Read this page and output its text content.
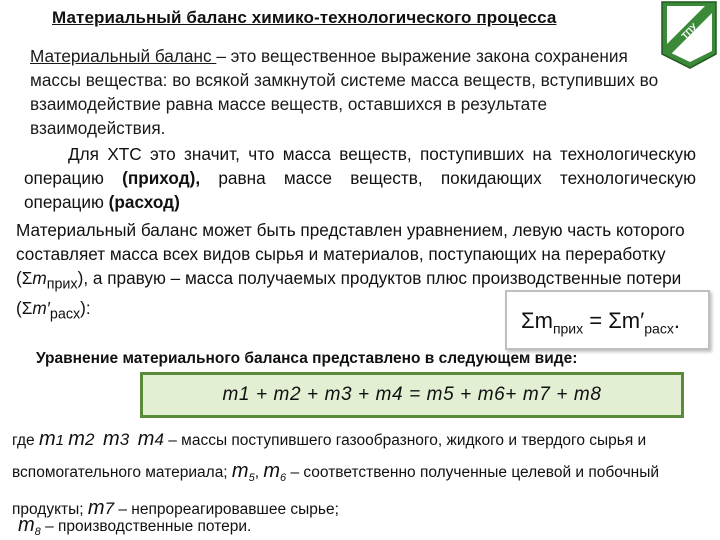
Материальный баланс химико-технологического процесса
ТПУ
Материальный баланс – это вещественное выражение закона сохранения массы вещества: во всякой замкнутой системе масса веществ, вступивших во взаимодействие равна массе веществ, оставшихся в результате взаимодействия.
Для ХТС это значит, что масса веществ, поступивших на технологическую операцию (приход), равна массе веществ, покидающих технологическую операцию (расход)
Материальный баланс может быть представлен уравнением, левую часть которого составляет масса всех видов сырья и материалов, поступающих на переработку $(\Sigma m_{прих})$, а правую – масса получаемых продуктов плюс производственные потери $(\Sigma m'_{расх})$:	$\Sigma m_{прих} = \Sigma m'_{расх}$.
Уравнение материального баланса представлено в следующем виде:
m1 + m2 + m3 + m4 = m5 + m6+ m7 + m8
где m1 m2 m3 m4 – массы поступившего газообразного, жидкого и твердого сырья и вспомогательного материала; $m_5$, $m_6$ – соответственно полученные целевой и побочный продукты; m7 – непрореагировавшее сырье;
$m_8$ – производственные потери.
